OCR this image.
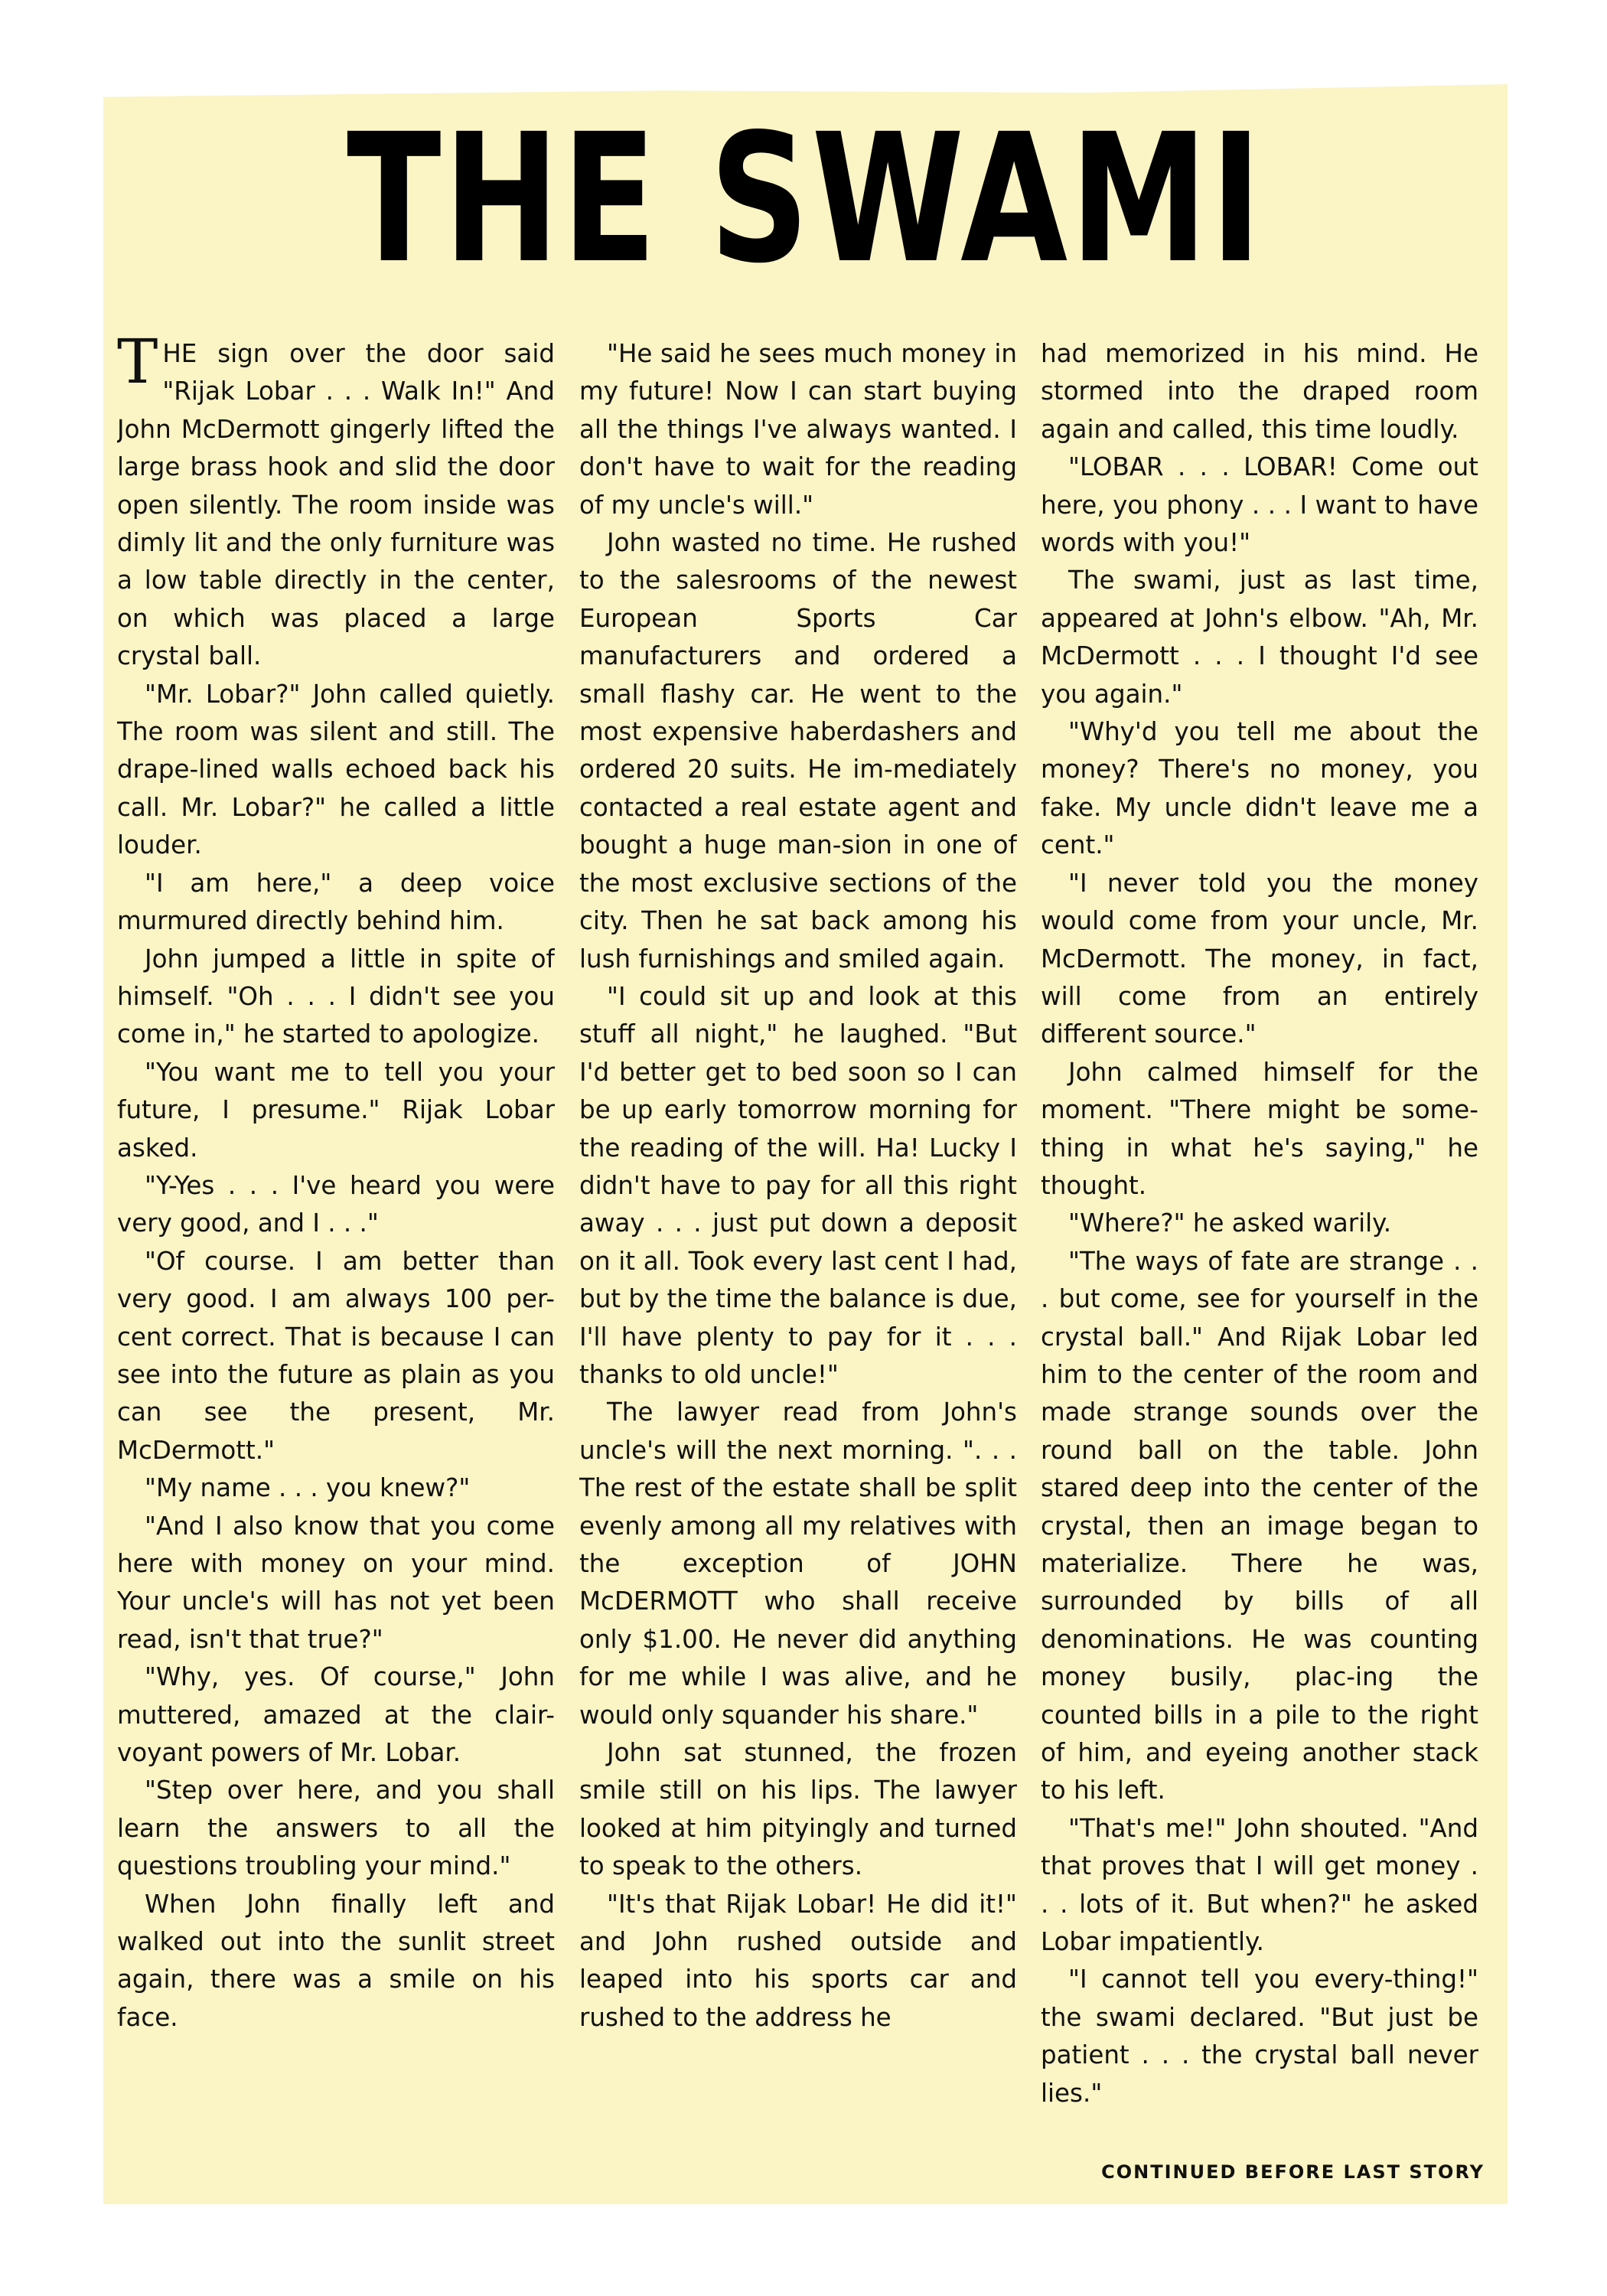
THE SWAMI

THE sign over the door said "Rijak Lobar . . . Walk In!" And John McDermott gingerly lifted the large brass hook and slid the door open silently. The room inside was dimly lit and the only furniture was a low table directly in the center, on which was placed a large crystal ball.

"Mr. Lobar?" John called quietly. The room was silent and still. The drape-lined walls echoed back his call. Mr. Lobar?" he called a little louder.

"I am here," a deep voice murmured directly behind him.

John jumped a little in spite of himself. "Oh . . . I didn't see you come in," he started to apologize.

"You want me to tell you your future, I presume." Rijak Lobar asked.

"Y-Yes . . . I've heard you were very good, and I . . ."

"Of course. I am better than very good. I am always 100 per-cent correct. That is because I can see into the future as plain as you can see the present, Mr. McDermott."

"My name . . . you knew?"

"And I also know that you come here with money on your mind. Your uncle's will has not yet been read, isn't that true?"

"Why, yes. Of course," John muttered, amazed at the clair-voyant powers of Mr. Lobar.

"Step over here, and you shall learn the answers to all the questions troubling your mind."

When John finally left and walked out into the sunlit street again, there was a smile on his face.

"He said he sees much money in my future! Now I can start buying all the things I've always wanted. I don't have to wait for the reading of my uncle's will."

John wasted no time. He rushed to the salesrooms of the newest European Sports Car manufacturers and ordered a small flashy car. He went to the most expensive haberdashers and ordered 20 suits. He im-mediately contacted a real estate agent and bought a huge man-sion in one of the most exclusive sections of the city. Then he sat back among his lush furnishings and smiled again.

"I could sit up and look at this stuff all night," he laughed. "But I'd better get to bed soon so I can be up early tomorrow morning for the reading of the will. Ha! Lucky I didn't have to pay for all this right away . . . just put down a deposit on it all. Took every last cent I had, but by the time the balance is due, I'll have plenty to pay for it . . . thanks to old uncle!"

The lawyer read from John's uncle's will the next morning. ". . . The rest of the estate shall be split evenly among all my relatives with the exception of JOHN McDERMOTT who shall receive only $1.00. He never did anything for me while I was alive, and he would only squander his share."

John sat stunned, the frozen smile still on his lips. The lawyer looked at him pityingly and turned to speak to the others.

"It's that Rijak Lobar! He did it!" and John rushed outside and leaped into his sports car and rushed to the address he

had memorized in his mind. He stormed into the draped room again and called, this time loudly.

"LOBAR . . . LOBAR! Come out here, you phony . . . I want to have words with you!"

The swami, just as last time, appeared at John's elbow. "Ah, Mr. McDermott . . . I thought I'd see you again."

"Why'd you tell me about the money? There's no money, you fake. My uncle didn't leave me a cent."

"I never told you the money would come from your uncle, Mr. McDermott. The money, in fact, will come from an entirely different source."

John calmed himself for the moment. "There might be some-thing in what he's saying," he thought.

"Where?" he asked warily.

"The ways of fate are strange . . . but come, see for yourself in the crystal ball." And Rijak Lobar led him to the center of the room and made strange sounds over the round ball on the table. John stared deep into the center of the crystal, then an image began to materialize. There he was, surrounded by bills of all denominations. He was counting money busily, plac-ing the counted bills in a pile to the right of him, and eyeing another stack to his left.

"That's me!" John shouted. "And that proves that I will get money . . . lots of it. But when?" he asked Lobar impatiently.

"I cannot tell you every-thing!" the swami declared. "But just be patient . . . the crystal ball never lies."

CONTINUED BEFORE LAST STORY
